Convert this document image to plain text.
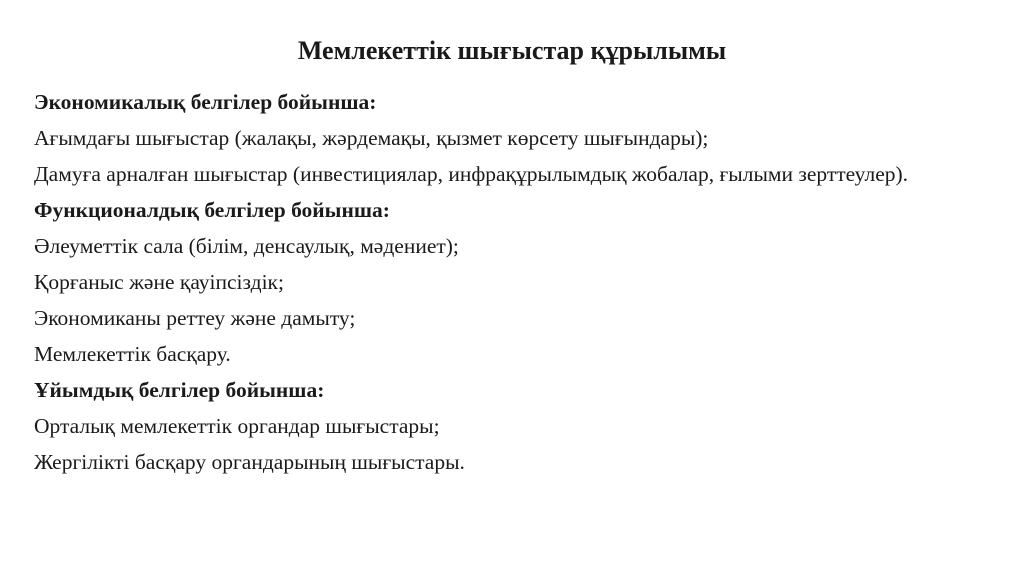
Мемлекеттік шығыстар құрылымы

Экономикалық белгілер бойынша:

Ағымдағы шығыстар (жалақы, жәрдемақы, қызмет көрсету шығындары);

Дамуға арналған шығыстар (инвестициялар, инфрақұрылымдық жобалар, ғылыми зерттеулер).

Функционалдық белгілер бойынша:

Әлеуметтік сала (білім, денсаулық, мәдениет);

Қорғаныс және қауіпсіздік;

Экономиканы реттеу және дамыту;

Мемлекеттік басқару.

Ұйымдық белгілер бойынша:

Орталық мемлекеттік органдар шығыстары;

Жергілікті басқару органдарының шығыстары.
